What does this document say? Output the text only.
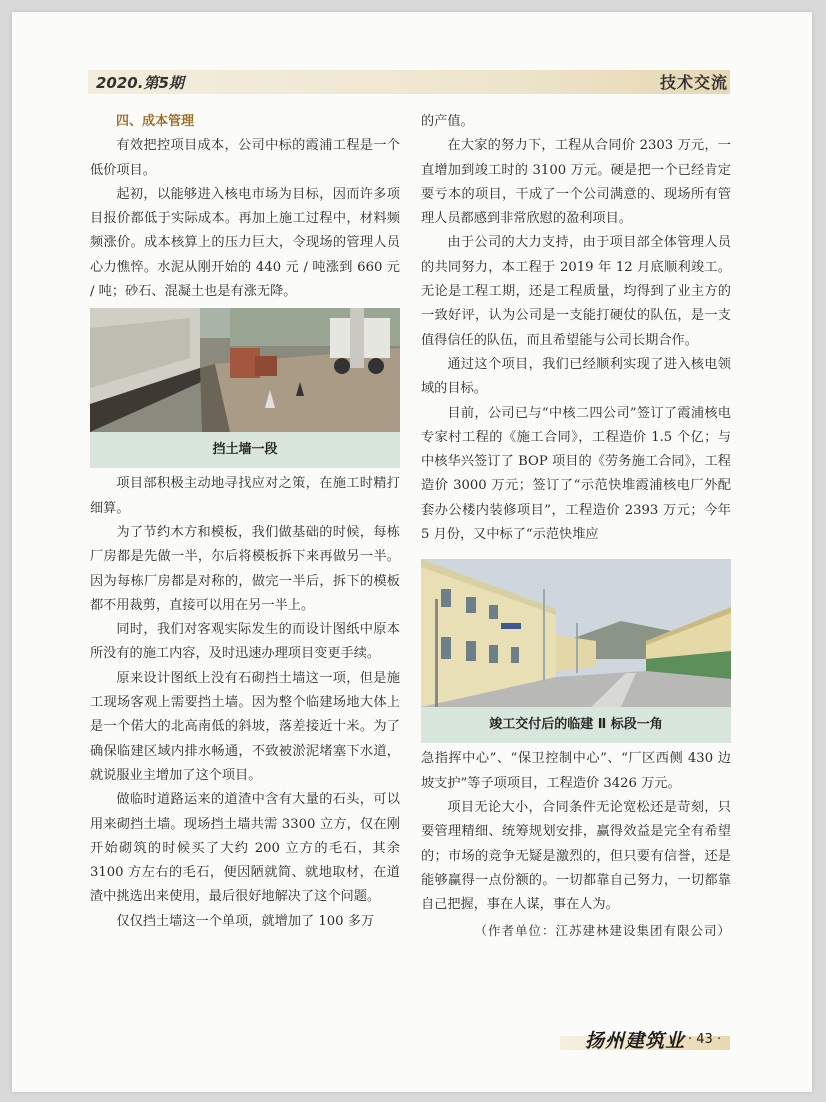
2020.第5期	技术交流
四、成本管理

有效把控项目成本，公司中标的霞浦工程是一个低价项目。

起初，以能够进入核电市场为目标，因而许多项目报价都低于实际成本。再加上施工过程中，材料频频涨价。成本核算上的压力巨大，令现场的管理人员心力憔悴。水泥从刚开始的 440 元 / 吨涨到 660 元 / 吨；砂石、混凝土也是有涨无降。

挡土墙一段

项目部积极主动地寻找应对之策，在施工时精打细算。

为了节约木方和模板，我们做基础的时候，每栋厂房都是先做一半，尔后将模板拆下来再做另一半。因为每栋厂房都是对称的，做完一半后，拆下的模板都不用裁剪，直接可以用在另一半上。

同时，我们对客观实际发生的而设计图纸中原本所没有的施工内容，及时迅速办理项目变更手续。

原来设计图纸上没有石砌挡土墙这一项，但是施工现场客观上需要挡土墙。因为整个临建场地大体上是一个偌大的北高南低的斜坡，落差接近十米。为了确保临建区域内排水畅通，不致被淤泥堵塞下水道，就说服业主增加了这个项目。

做临时道路运来的道渣中含有大量的石头，可以用来砌挡土墙。现场挡土墙共需 3300 立方，仅在刚开始砌筑的时候买了大约 200 立方的毛石，其余 3100 方左右的毛石，便因陋就简、就地取材，在道渣中挑选出来使用，最后很好地解决了这个问题。

仅仅挡土墙这一个单项，就增加了 100 多万

的产值。

在大家的努力下，工程从合同价 2303 万元，一直增加到竣工时的 3100 万元。硬是把一个已经肯定要亏本的项目，干成了一个公司满意的、现场所有管理人员都感到非常欣慰的盈利项目。

由于公司的大力支持，由于项目部全体管理人员的共同努力，本工程于 2019 年 12 月底顺利竣工。无论是工程工期，还是工程质量，均得到了业主方的一致好评，认为公司是一支能打硬仗的队伍，是一支值得信任的队伍，而且希望能与公司长期合作。

通过这个项目，我们已经顺利实现了进入核电领域的目标。

目前，公司已与“中核二四公司”签订了霞浦核电专家村工程的《施工合同》，工程造价 1.5 个亿；与中核华兴签订了 BOP 项目的《劳务施工合同》，工程造价 3000 万元；签订了“示范快堆霞浦核电厂外配套办公楼内装修项目”，工程造价 2393 万元；今年 5 月份，又中标了“示范快堆应

竣工交付后的临建 Ⅱ 标段一角

急指挥中心”、“保卫控制中心”、“厂区西侧 430 边坡支护”等子项项目，工程造价 3426 万元。

项目无论大小，合同条件无论宽松还是苛刻，只要管理精细、统筹规划安排，赢得效益是完全有希望的；市场的竞争无疑是激烈的，但只要有信誉，还是能够赢得一点份额的。一切都靠自己努力，一切都靠自己把握，事在人谋，事在人为。

（作者单位：江苏建林建设集团有限公司）
扬州建筑业 · 43 ·
